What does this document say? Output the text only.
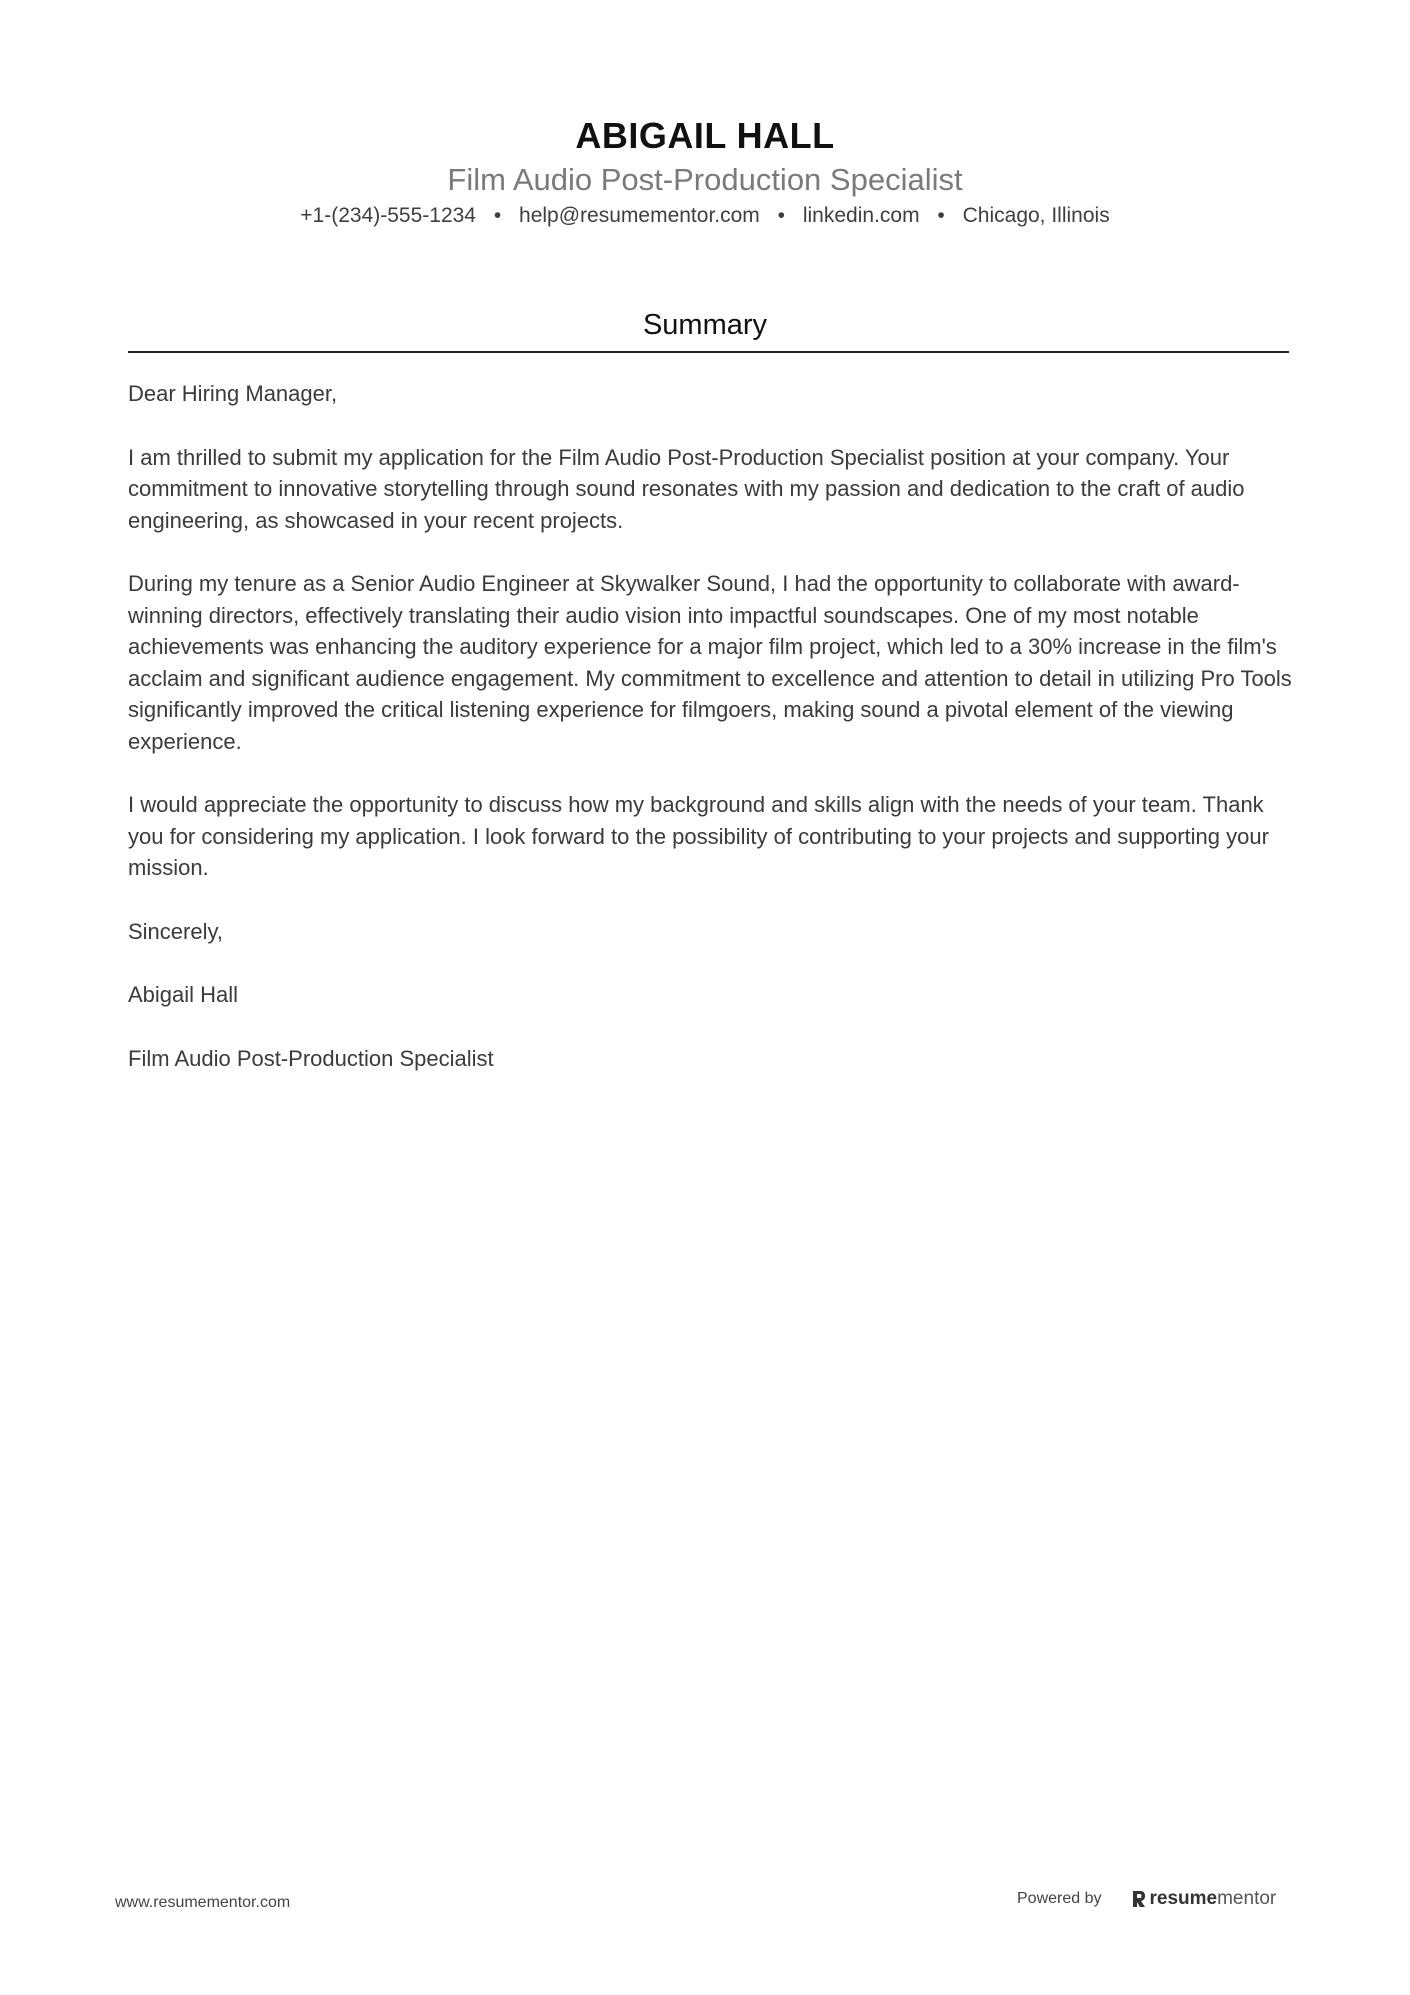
ABIGAIL HALL
Film Audio Post-Production Specialist
+1-(234)-555-1234 • help@resumementor.com • linkedin.com • Chicago, Illinois
Summary

Dear Hiring Manager,

I am thrilled to submit my application for the Film Audio Post-Production Specialist position at your company. Your commitment to innovative storytelling through sound resonates with my passion and dedication to the craft of audio engineering, as showcased in your recent projects.

During my tenure as a Senior Audio Engineer at Skywalker Sound, I had the opportunity to collaborate with award-winning directors, effectively translating their audio vision into impactful soundscapes. One of my most notable achievements was enhancing the auditory experience for a major film project, which led to a 30% increase in the film's acclaim and significant audience engagement. My commitment to excellence and attention to detail in utilizing Pro Tools significantly improved the critical listening experience for filmgoers, making sound a pivotal element of the viewing experience.

I would appreciate the opportunity to discuss how my background and skills align with the needs of your team. Thank you for considering my application. I look forward to the possibility of contributing to your projects and supporting your mission.

Sincerely,

Abigail Hall

Film Audio Post-Production Specialist

www.resumementor.com	Powered by	resume mentor
